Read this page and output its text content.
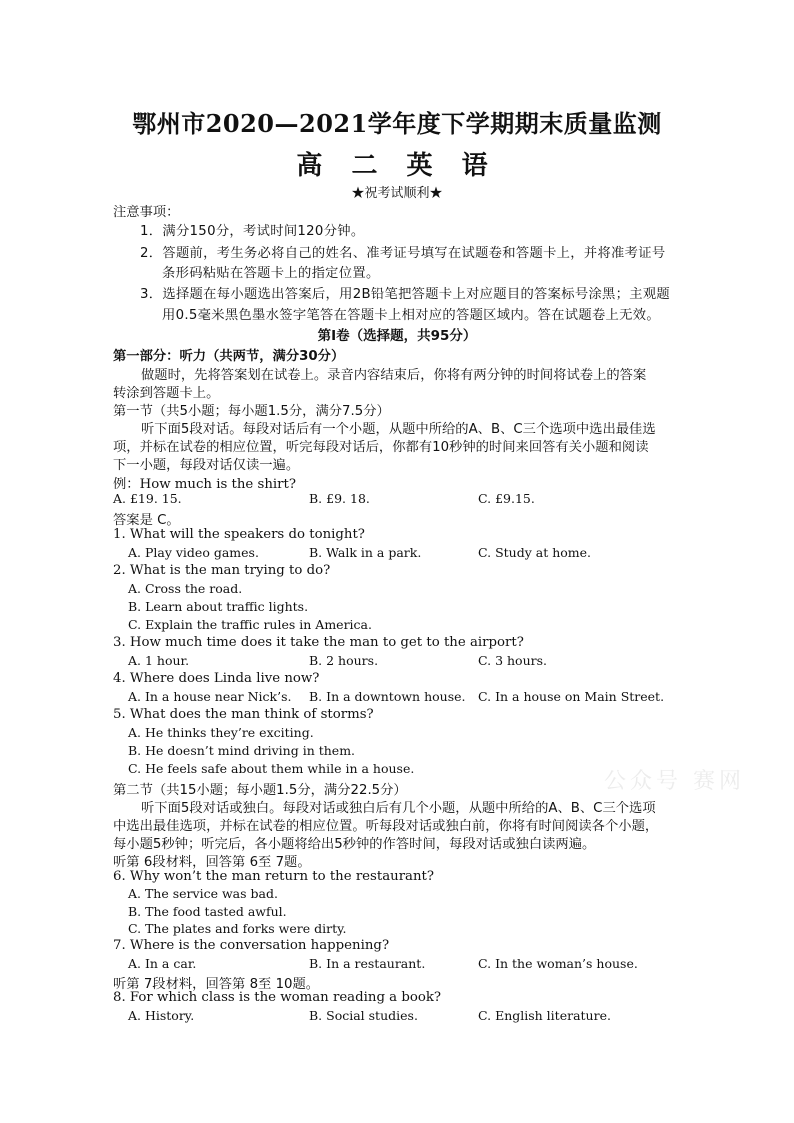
鄂州市2020—2021学年度下学期期末质量监测
高 二 英 语
★祝考试顺利★
注意事项：
1．满分150分，考试时间120分钟。
2．答题前，考生务必将自己的姓名、准考证号填写在试题卷和答题卡上，并将准考证号
条形码粘贴在答题卡上的指定位置。
3．选择题在每小题选出答案后，用2B铅笔把答题卡上对应题目的答案标号涂黑；主观题
用0.5毫米黑色墨水签字笔答在答题卡上相对应的答题区域内。答在试题卷上无效。
第Ⅰ卷（选择题，共95分）
第一部分：听力（共两节，满分30分）
做题时，先将答案划在试卷上。录音内容结束后，你将有两分钟的时间将试卷上的答案
转涂到答题卡上。
第一节（共5小题；每小题1.5分，满分7.5分）
听下面5段对话。每段对话后有一个小题，从题中所给的A、B、C三个选项中选出最佳选
项，并标在试卷的相应位置，听完每段对话后，你都有10秒钟的时间来回答有关小题和阅读
下一小题，每段对话仅读一遍。
例：How much is the shirt?
A. £19. 15.	B. £9. 18.	C. £9.15.
答案是 C。
1. What will the speakers do tonight?
A. Play video games.	B. Walk in a park.	C. Study at home.
2. What is the man trying to do?
A. Cross the road.
B. Learn about traffic lights.
C. Explain the traffic rules in America.
3. How much time does it take the man to get to the airport?
A. 1 hour.	B. 2 hours.	C. 3 hours.
4. Where does Linda live now?
A. In a house near Nick’s. B. In a downtown house. C. In a house on Main Street.
5. What does the man think of storms?
A. He thinks they’re exciting.
B. He doesn’t mind driving in them.
C. He feels safe about them while in a house.
公众号 赛网
第二节（共15小题；每小题1.5分，满分22.5分）
听下面5段对话或独白。每段对话或独白后有几个小题，从题中所给的A、B、C三个选项
中选出最佳选项，并标在试卷的相应位置。听每段对话或独白前，你将有时间阅读各个小题，
每小题5秒钟；听完后，各小题将给出5秒钟的作答时间，每段对话或独白读两遍。
听第 6段材料，回答第 6至 7题。
6. Why won’t the man return to the restaurant?
A. The service was bad.
B. The food tasted awful.
C. The plates and forks were dirty.
7. Where is the conversation happening?
A. In a car.	B. In a restaurant.	C. In the woman’s house.
听第 7段材料，回答第 8至 10题。
8. For which class is the woman reading a book?
A. History.	B. Social studies.	C. English literature.
